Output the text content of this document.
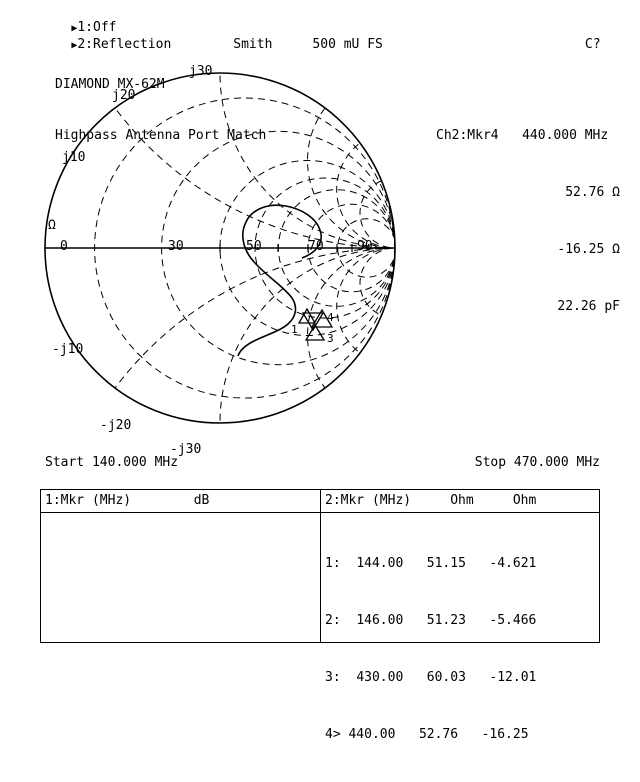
▶1:Off

▶2:Reflection	Smith	500 mU FS	C?

DIAMOND MX-62M

Highpass Antenna Port Match

	Ch2:Mkr4 440.000 MHz

52.76 Ω

-16.25 Ω

22.26 pF

4
3
1
j30
j20
j10
Ω
0	30	50	70	90
-j10
-j20
-j30
Start 140.000 MHz	Stop 470.000 MHz
1:Mkr (MHz)        dB	2:Mkr (MHz)     Ohm     Ohm

1: 144.00 51.15 -4.621

2: 146.00 51.23 -5.466

3: 430.00 60.03 -12.01

4> 440.00 52.76 -16.25
